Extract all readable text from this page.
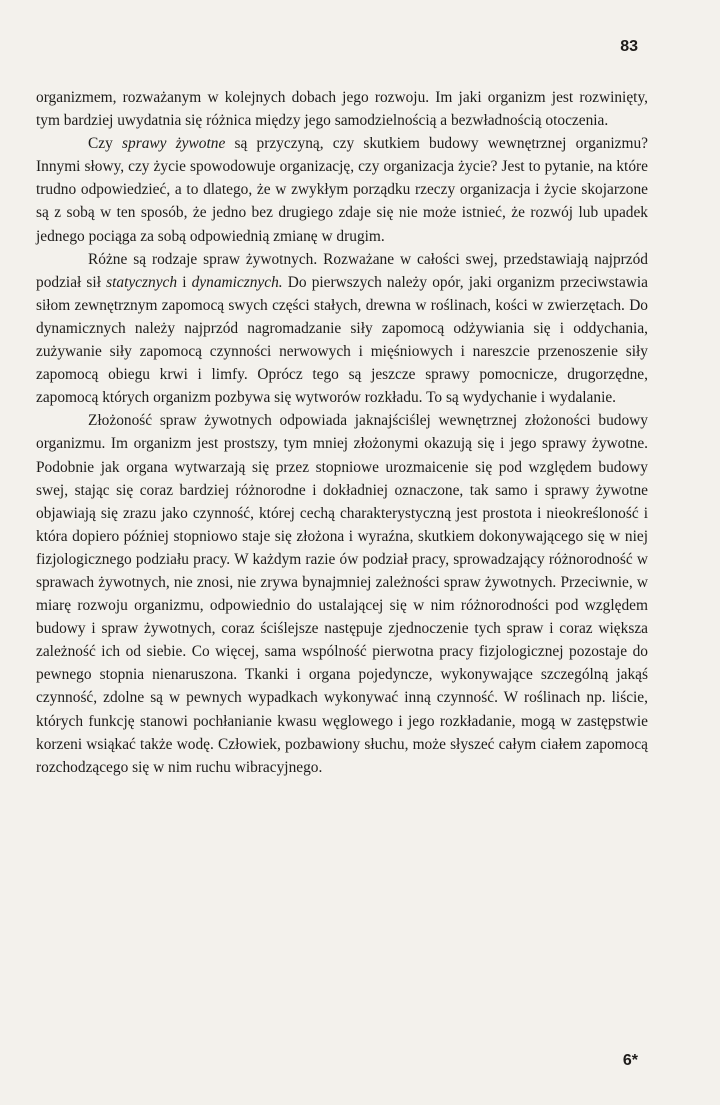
83

organizmem, rozważanym w kolejnych dobach jego rozwoju. Im jaki organizm jest rozwinięty, tym bardziej uwydatnia się różnica między jego samodzielnością a bezwładnością otoczenia.

Czy sprawy żywotne są przyczyną, czy skutkiem budowy wewnętrznej organizmu? Innymi słowy, czy życie spowodowuje organizację, czy organizacja życie? Jest to pytanie, na które trudno odpowiedzieć, a to dlatego, że w zwykłym porządku rzeczy organizacja i życie skojarzone są z sobą w ten sposób, że jedno bez drugiego zdaje się nie może istnieć, że rozwój lub upadek jednego pociąga za sobą odpowiednią zmianę w drugim.

Różne są rodzaje spraw żywotnych. Rozważane w całości swej, przedstawiają najprzód podział sił statycznych i dynamicznych. Do pierwszych należy opór, jaki organizm przeciwstawia siłom zewnętrznym zapomocą swych części stałych, drewna w roślinach, kości w zwierzętach. Do dynamicznych należy najprzód nagromadzanie siły zapomocą odżywiania się i oddychania, zużywanie siły zapomocą czynności nerwowych i mięśniowych i nareszcie przenoszenie siły zapomocą obiegu krwi i limfy. Oprócz tego są jeszcze sprawy pomocnicze, drugorzędne, zapomocą których organizm pozbywa się wytworów rozkładu. To są wydychanie i wydalanie.

Złożoność spraw żywotnych odpowiada jaknajściślej wewnętrznej złożoności budowy organizmu. Im organizm jest prostszy, tym mniej złożonymi okazują się i jego sprawy żywotne. Podobnie jak organa wytwarzają się przez stopniowe urozmaicenie się pod względem budowy swej, stając się coraz bardziej różnorodne i dokładniej oznaczone, tak samo i sprawy żywotne objawiają się zrazu jako czynność, której cechą charakterystyczną jest prostota i nieokreśloność i która dopiero później stopniowo staje się złożona i wyraźna, skutkiem dokonywającego się w niej fizjologicznego podziału pracy. W każdym razie ów podział pracy, sprowadzający różnorodność w sprawach żywotnych, nie znosi, nie zrywa bynajmniej zależności spraw żywotnych. Przeciwnie, w miarę rozwoju organizmu, odpowiednio do ustalającej się w nim różnorodności pod względem budowy i spraw żywotnych, coraz ściślejsze następuje zjednoczenie tych spraw i coraz większa zależność ich od siebie. Co więcej, sama wspólność pierwotna pracy fizjologicznej pozostaje do pewnego stopnia nienaruszona. Tkanki i organa pojedyncze, wykonywające szczególną jakąś czynność, zdolne są w pewnych wypadkach wykonywać inną czynność. W roślinach np. liście, których funkcję stanowi pochłanianie kwasu węglowego i jego rozkładanie, mogą w zastępstwie korzeni wsiąkać także wodę. Człowiek, pozbawiony słuchu, może słyszeć całym ciałem zapomocą rozchodzącego się w nim ruchu wibracyjnego.

6*
